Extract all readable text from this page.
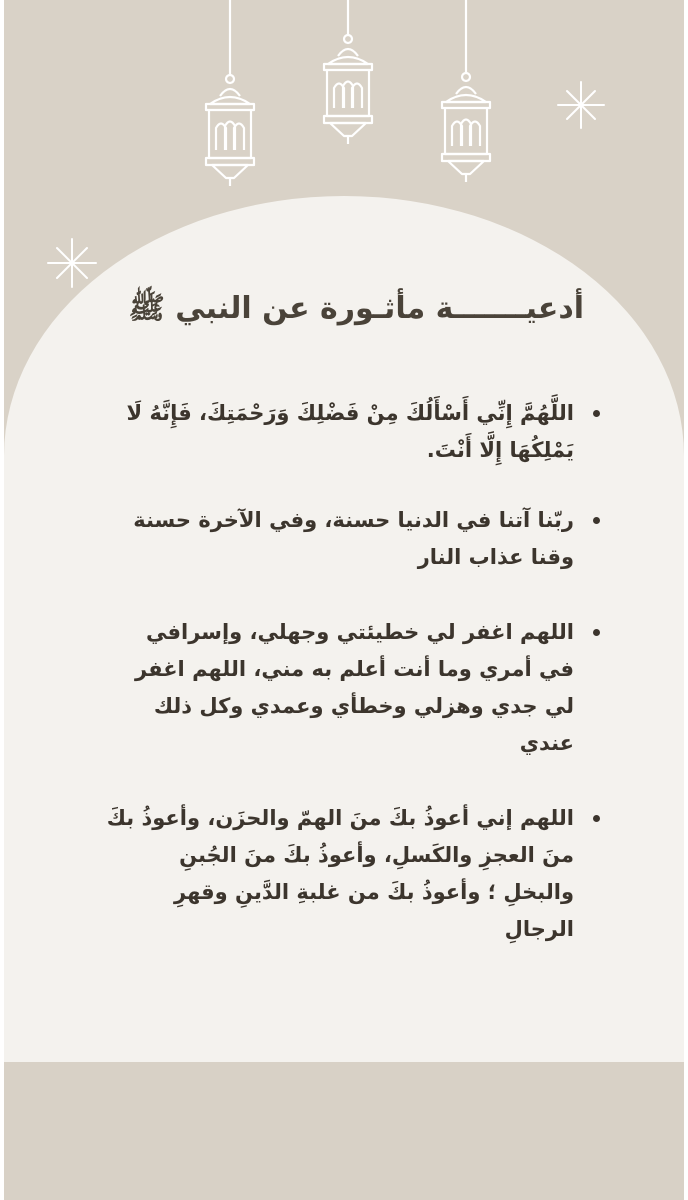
أدعيـــــــة مأثـورة عن النبي ﷺ
اللَّهُمَّ إِنِّي أَسْأَلُكَ مِنْ فَضْلِكَ وَرَحْمَتِكَ، فَإِنَّهُ لَا يَمْلِكُهَا إِلَّا أَنْتَ.
ربّنا آتنا في الدنيا حسنة، وفي الآخرة حسنة وقنا عذاب النار
اللهم اغفر لي خطيئتي وجهلي، وإسرافي في أمري وما أنت أعلم به مني، اللهم اغفر لي جدي وهزلي وخطأي وعمدي وكل ذلك عندي
اللهم إني أعوذُ بكَ منَ الهمّ والحزَن، وأعوذُ بكَ منَ العجزِ والكَسلِ، وأعوذُ بكَ منَ الجُبنِ والبخلِ ؛ وأعوذُ بكَ من غلبةِ الدَّينِ وقهرِ الرجالِ
